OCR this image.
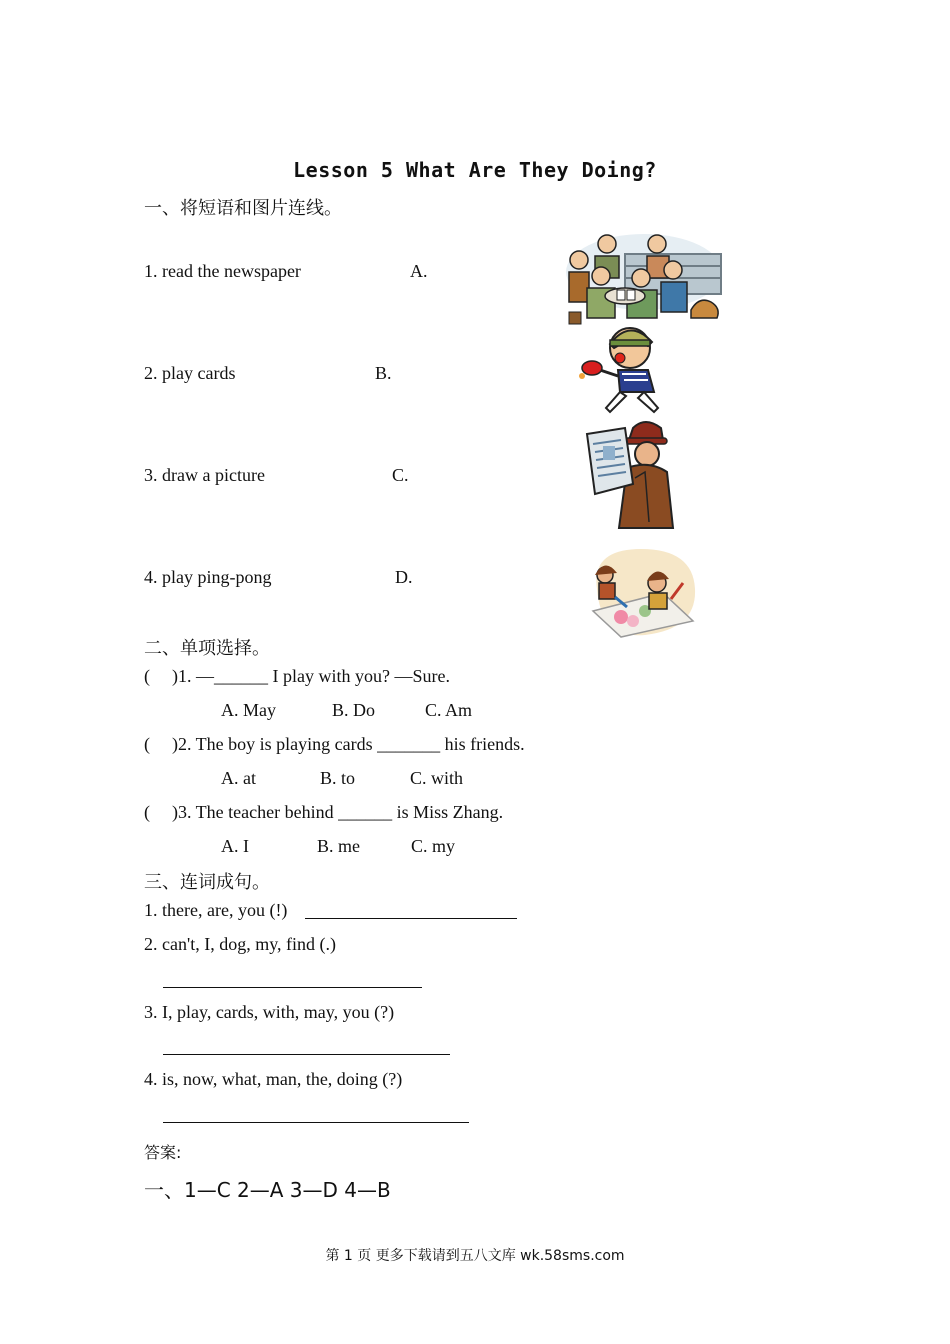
Lesson 5 What Are They Doing?
一、将短语和图片连线。
1. read the newspaper	A.
2. play cards	B.
3. draw a picture	C.
4. play ping-pong	D.
二、单项选择。
( )1. —______ I play with you? —Sure.
A. May	B. Do	C. Am
( )2. The boy is playing cards _______ his friends.
A. at	B. to	C. with
( )3. The teacher behind ______ is Miss Zhang.
A. I	B. me	C. my
三、连词成句。
1. there, are, you (!)
2. can't, I, dog, my, find (.)
3. I, play, cards, with, may, you (?)
4. is, now, what, man, the, doing (?)
答案:
一、1—C 2—A 3—D 4—B
第 1 页 更多下载请到五八文库 wk.58sms.com
